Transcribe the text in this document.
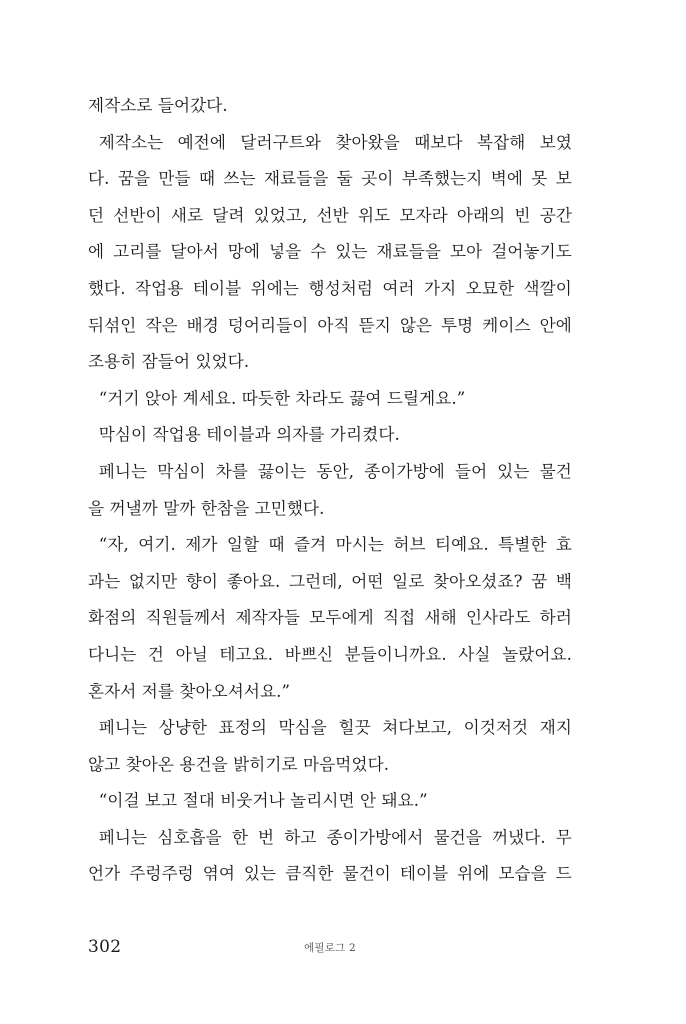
제작소로 들어갔다.
제작소는 예전에 달러구트와 찾아왔을 때보다 복잡해 보였
다. 꿈을 만들 때 쓰는 재료들을 둘 곳이 부족했는지 벽에 못 보
던 선반이 새로 달려 있었고, 선반 위도 모자라 아래의 빈 공간
에 고리를 달아서 망에 넣을 수 있는 재료들을 모아 걸어놓기도
했다. 작업용 테이블 위에는 행성처럼 여러 가지 오묘한 색깔이
뒤섞인 작은 배경 덩어리들이 아직 뜯지 않은 투명 케이스 안에
조용히 잠들어 있었다.
“거기 앉아 계세요. 따듯한 차라도 끓여 드릴게요.”
막심이 작업용 테이블과 의자를 가리켰다.
페니는 막심이 차를 끓이는 동안, 종이가방에 들어 있는 물건
을 꺼낼까 말까 한참을 고민했다.
“자, 여기. 제가 일할 때 즐겨 마시는 허브 티예요. 특별한 효
과는 없지만 향이 좋아요. 그런데, 어떤 일로 찾아오셨죠? 꿈 백
화점의 직원들께서 제작자들 모두에게 직접 새해 인사라도 하러
다니는 건 아닐 테고요. 바쁘신 분들이니까요. 사실 놀랐어요.
혼자서 저를 찾아오셔서요.”
페니는 상냥한 표정의 막심을 힐끗 쳐다보고, 이것저것 재지
않고 찾아온 용건을 밝히기로 마음먹었다.
“이걸 보고 절대 비웃거나 놀리시면 안 돼요.”
페니는 심호흡을 한 번 하고 종이가방에서 물건을 꺼냈다. 무
언가 주렁주렁 엮여 있는 큼직한 물건이 테이블 위에 모습을 드
302	에필로그 2
